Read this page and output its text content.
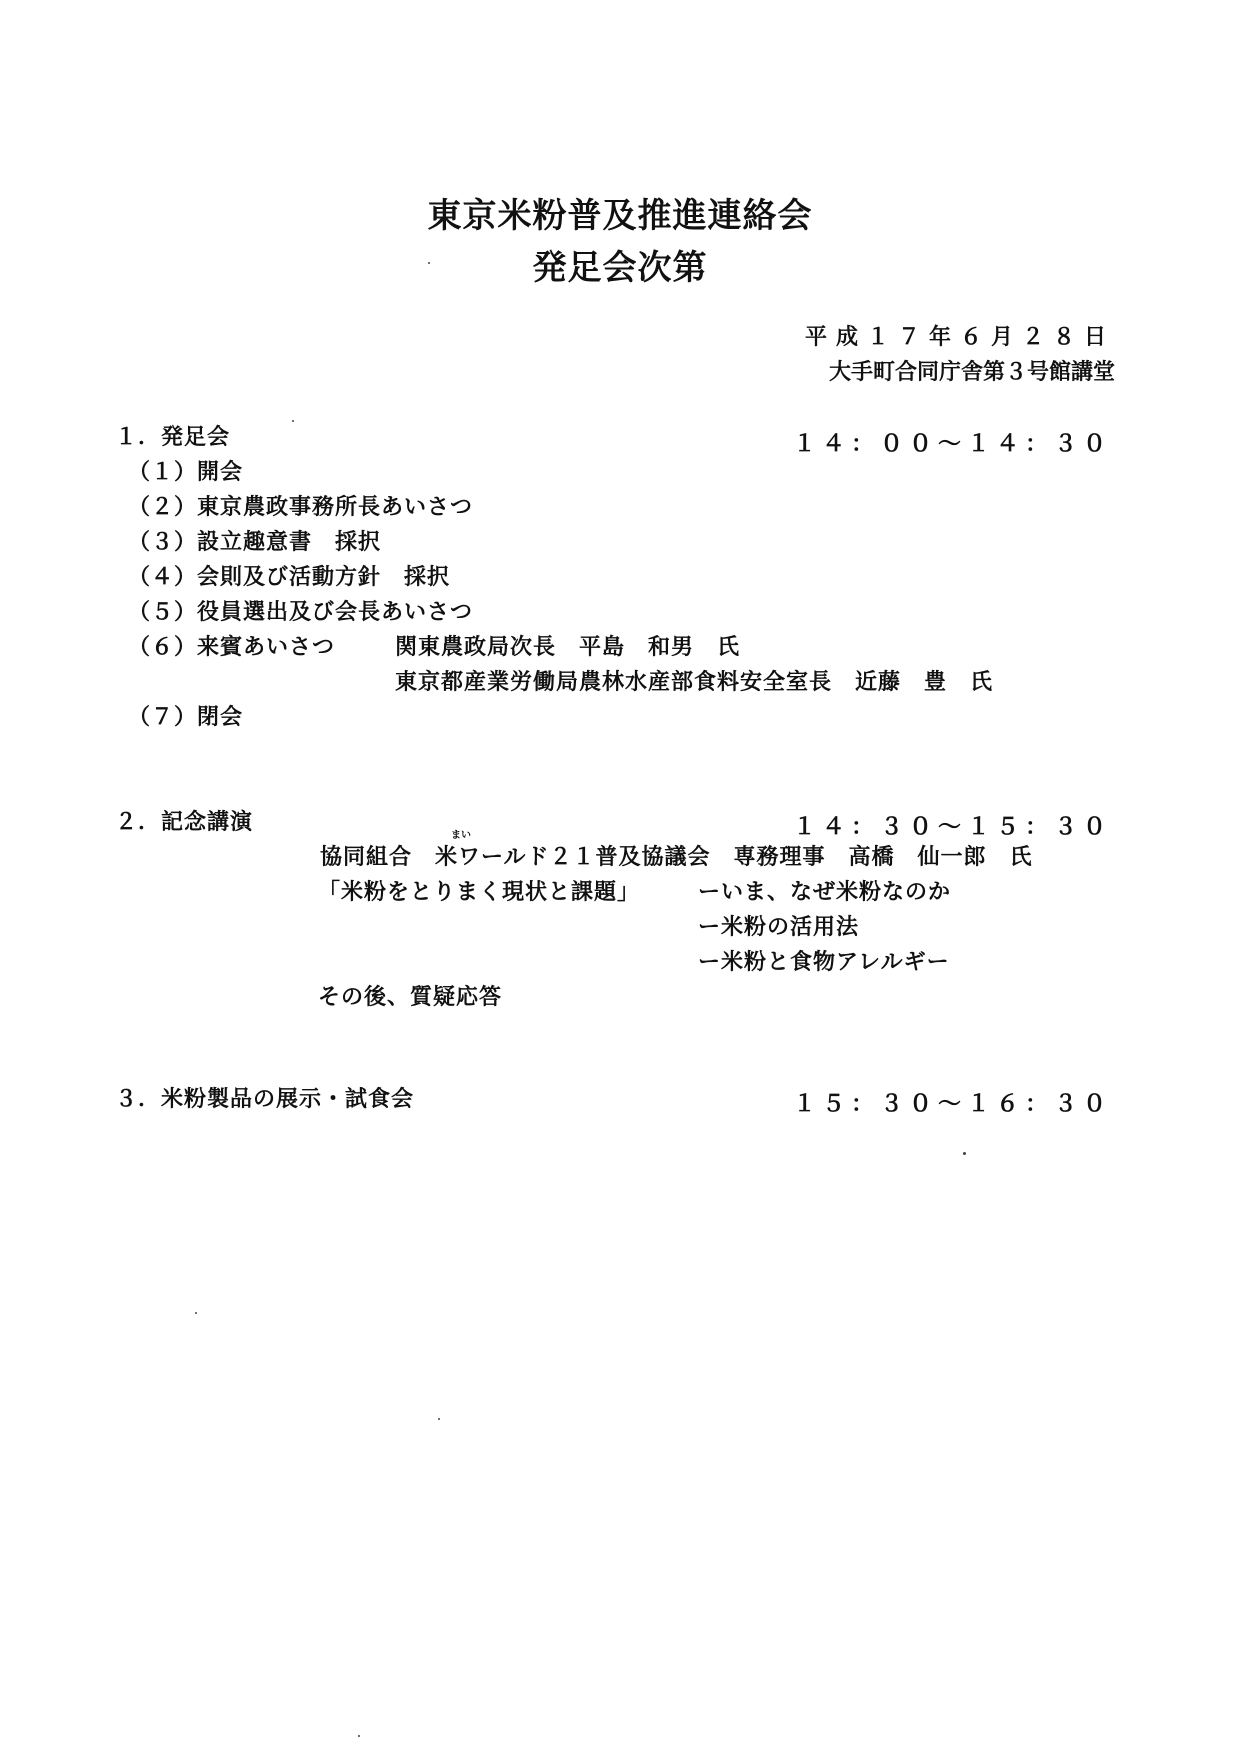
東京米粉普及推進連絡会
発足会次第
平成１７年６月２８日
大手町合同庁舎第３号館講堂
１．発足会	１４：００～１４：３０
（１）開会
（２）東京農政事務所長あいさつ
（３）設立趣意書　採択
（４）会則及び活動方針　採択
（５）役員選出及び会長あいさつ
（６）来賓あいさつ	関東農政局次長　平島　和男　氏
東京都産業労働局農林水産部食料安全室長　近藤　豊　氏
（７）閉会
２．記念講演	１４：３０～１５：３０
まい
協同組合　米ワールド２１普及協議会　専務理事　高橋　仙一郎　氏
「米粉をとりまく現状と課題」	ーいま、なぜ米粉なのか
ー米粉の活用法
ー米粉と食物アレルギー
その後、質疑応答
３．米粉製品の展示・試食会	１５：３０～１６：３０
